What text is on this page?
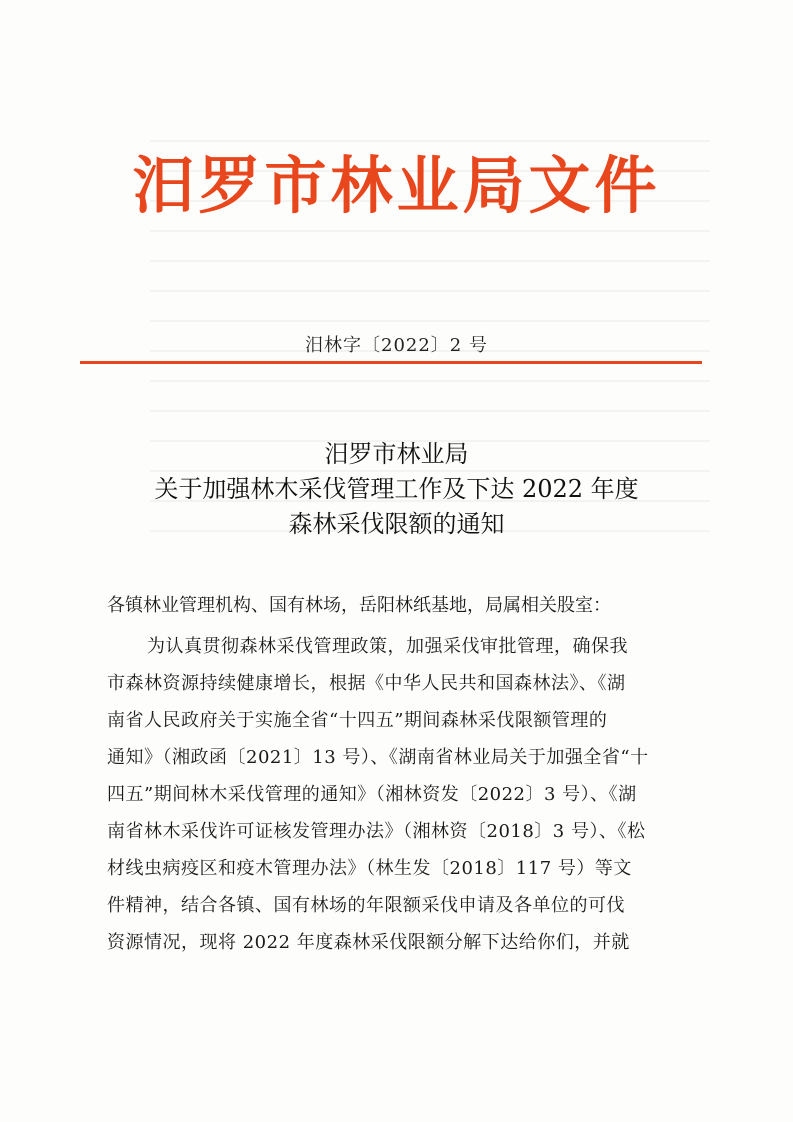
汨罗市林业局文件
汨林字〔2022〕2 号
汨罗市林业局
关于加强林木采伐管理工作及下达 2022 年度
森林采伐限额的通知
各镇林业管理机构、国有林场，岳阳林纸基地，局属相关股室：
为认真贯彻森林采伐管理政策，加强采伐审批管理，确保我
市森林资源持续健康增长，根据《中华人民共和国森林法》、《湖
南省人民政府关于实施全省“十四五”期间森林采伐限额管理的
通知》（湘政函〔2021〕13 号）、《湖南省林业局关于加强全省“十
四五”期间林木采伐管理的通知》（湘林资发〔2022〕3 号）、《湖
南省林木采伐许可证核发管理办法》（湘林资〔2018〕3 号）、《松
材线虫病疫区和疫木管理办法》（林生发〔2018〕117 号）等文
件精神，结合各镇、国有林场的年限额采伐申请及各单位的可伐
资源情况，现将 2022 年度森林采伐限额分解下达给你们，并就
